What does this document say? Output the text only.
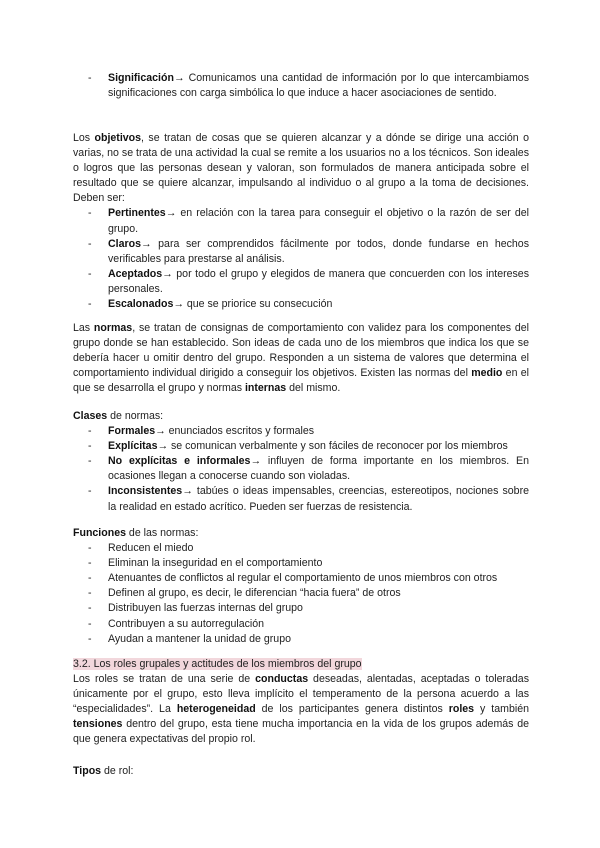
- Significación→ Comunicamos una cantidad de información por lo que intercambiamos significaciones con carga simbólica lo que induce a hacer asociaciones de sentido.

Los objetivos, se tratan de cosas que se quieren alcanzar y a dónde se dirige una acción o varias, no se trata de una actividad la cual se remite a los usuarios no a los técnicos. Son ideales o logros que las personas desean y valoran, son formulados de manera anticipada sobre el resultado que se quiere alcanzar, impulsando al individuo o al grupo a la toma de decisiones. Deben ser:

- Pertinentes→ en relación con la tarea para conseguir el objetivo o la razón de ser del grupo.
- Claros→ para ser comprendidos fácilmente por todos, donde fundarse en hechos verificables para prestarse al análisis.
- Aceptados→ por todo el grupo y elegidos de manera que concuerden con los intereses personales.
- Escalonados→ que se priorice su consecución

Las normas, se tratan de consignas de comportamiento con validez para los componentes del grupo donde se han establecido. Son ideas de cada uno de los miembros que indica los que se debería hacer u omitir dentro del grupo. Responden a un sistema de valores que determina el comportamiento individual dirigido a conseguir los objetivos. Existen las normas del medio en el que se desarrolla el grupo y normas internas del mismo.

Clases de normas:

- Formales→ enunciados escritos y formales
- Explícitas→ se comunican verbalmente y son fáciles de reconocer por los miembros
- No explícitas e informales→ influyen de forma importante en los miembros. En ocasiones llegan a conocerse cuando son violadas.
- Inconsistentes→ tabúes o ideas impensables, creencias, estereotipos, nociones sobre la realidad en estado acrítico. Pueden ser fuerzas de resistencia.

Funciones de las normas:

- Reducen el miedo
- Eliminan la inseguridad en el comportamiento
- Atenuantes de conflictos al regular el comportamiento de unos miembros con otros
- Definen al grupo, es decir, le diferencian “hacia fuera” de otros
- Distribuyen las fuerzas internas del grupo
- Contribuyen a su autorregulación
- Ayudan a mantener la unidad de grupo

3.2. Los roles grupales y actitudes de los miembros del grupo

Los roles se tratan de una serie de conductas deseadas, alentadas, aceptadas o toleradas únicamente por el grupo, esto lleva implícito el temperamento de la persona acuerdo a las “especialidades”. La heterogeneidad de los participantes genera distintos roles y también tensiones dentro del grupo, esta tiene mucha importancia en la vida de los grupos además de que genera expectativas del propio rol.

Tipos de rol:
